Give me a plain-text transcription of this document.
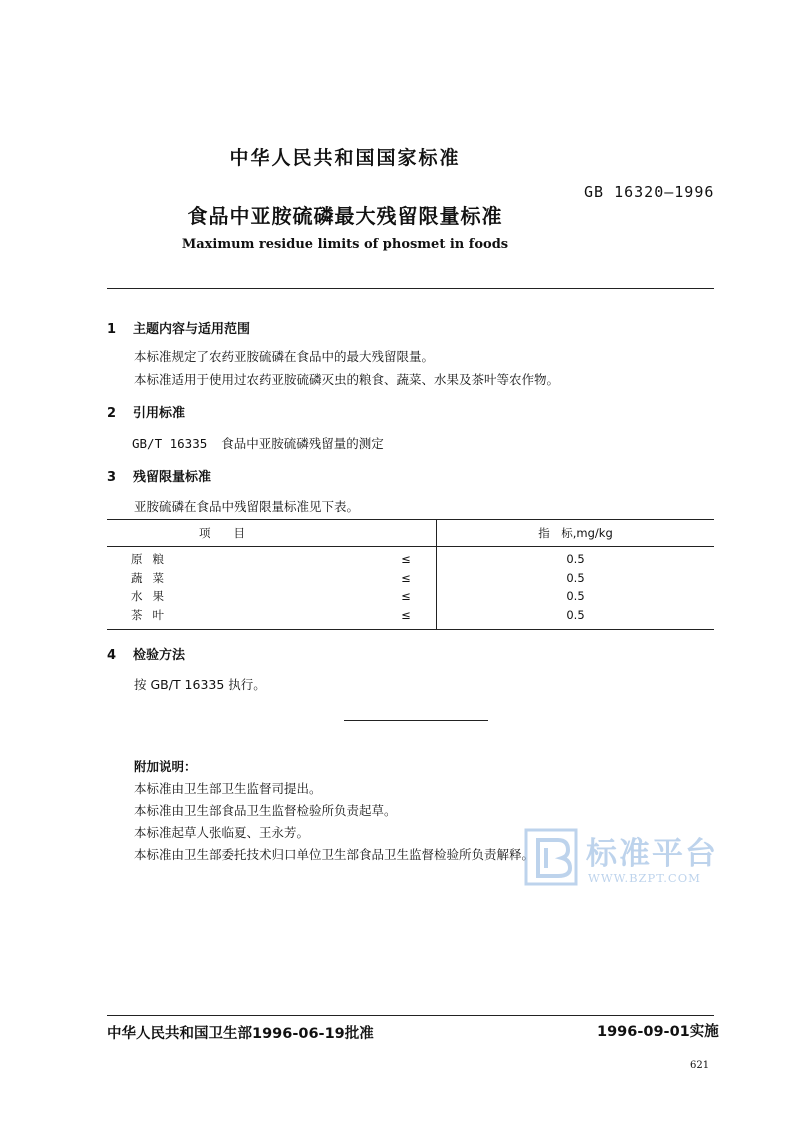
中华人民共和国国家标准
GB 16320—1996
食品中亚胺硫磷最大残留限量标准
Maximum residue limits of phosmet in foods
1 主题内容与适用范围
本标准规定了农药亚胺硫磷在食品中的最大残留限量。
本标准适用于使用过农药亚胺硫磷灭虫的粮食、蔬菜、水果及茶叶等农作物。
2 引用标准
GB/T 16335 食品中亚胺硫磷残留量的测定
3 残留限量标准
亚胺硫磷在食品中残留限量标准见下表。
项　　目		指　标,mg/kg
原粮	≤	0.5
蔬菜	≤	0.5
水果	≤	0.5
茶叶	≤	0.5
4 检验方法
按 GB/T 16335 执行。
附加说明：
本标准由卫生部卫生监督司提出。
本标准由卫生部食品卫生监督检验所负责起草。
本标准起草人张临夏、王永芳。
本标准由卫生部委托技术归口单位卫生部食品卫生监督检验所负责解释。 标准平台
WWW.BZPT.COM
中华人民共和国卫生部1996-06-19批准	1996-09-01实施
621
